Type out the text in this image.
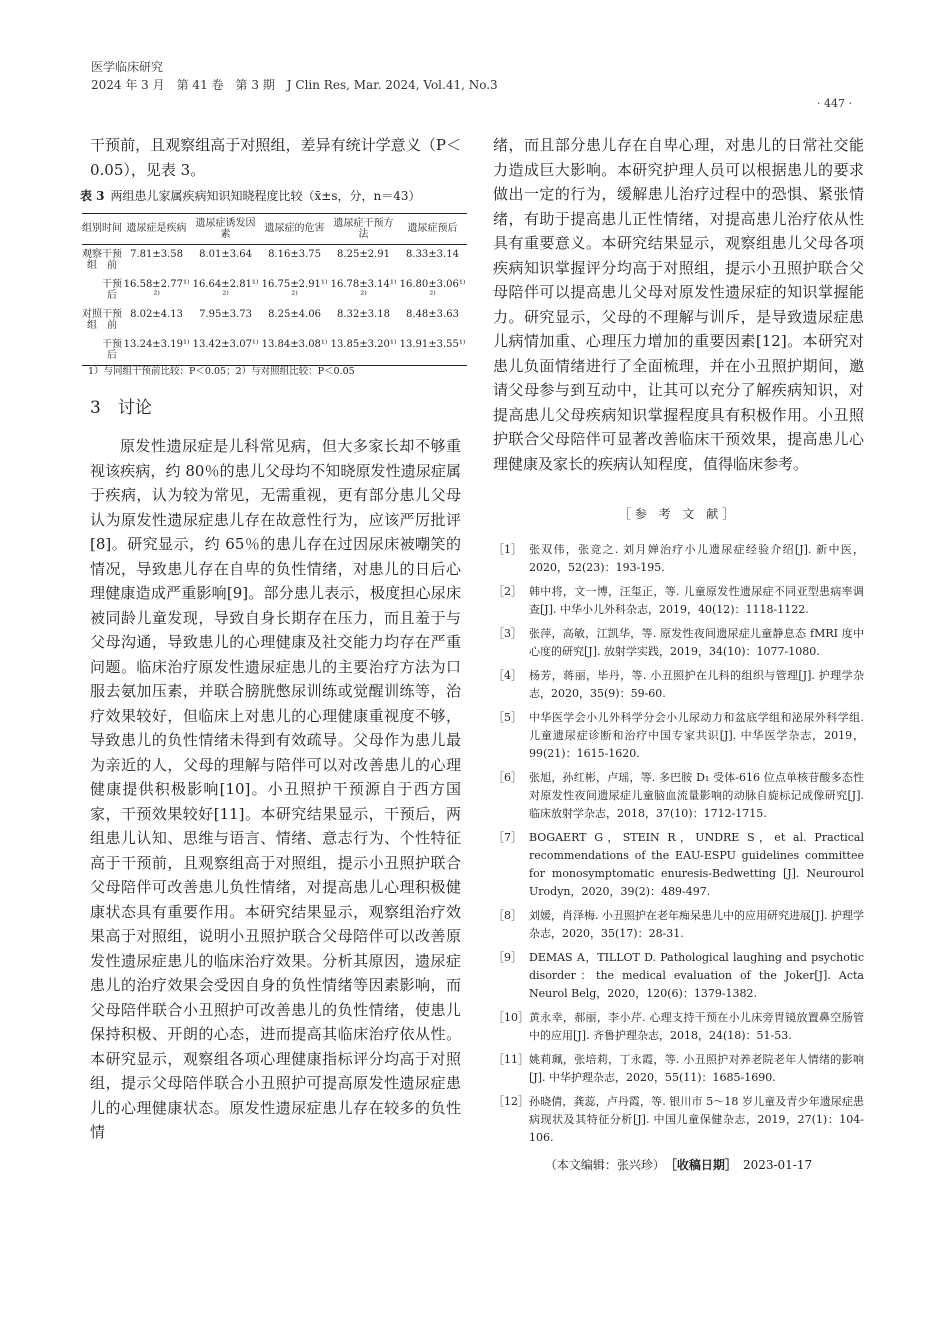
医学临床研究
2024 年 3 月　第 41 卷　第 3 期　J Clin Res, Mar. 2024, Vol.41, No.3
· 447 ·

干预前，且观察组高于对照组，差异有统计学意义（P＜0.05），见表 3。

表 3 两组患儿家属疾病知识知晓程度比较（x̄±s，分，n＝43）
组别	时间	遗尿症是疾病	遗尿症诱发因素	遗尿症的危害	遗尿症干预方法	遗尿症预后
观察组	干预前	7.81±3.58	8.01±3.64	8.16±3.75	8.25±2.91	8.33±3.14
	干预后	16.58±2.77¹⁾²⁾	16.64±2.81¹⁾²⁾	16.75±2.91¹⁾²⁾	16.78±3.14¹⁾²⁾	16.80±3.06¹⁾²⁾
对照组	干预前	8.02±4.13	7.95±3.73	8.25±4.06	8.32±3.18	8.48±3.63
	干预后	13.24±3.19¹⁾	13.42±3.07¹⁾	13.84±3.08¹⁾	13.85±3.20¹⁾	13.91±3.55¹⁾
1）与同组干预前比较：P＜0.05；2）与对照组比较：P＜0.05
3　讨论

原发性遗尿症是儿科常见病，但大多家长却不够重视该疾病，约 80％的患儿父母均不知晓原发性遗尿症属于疾病，认为较为常见，无需重视，更有部分患儿父母认为原发性遗尿症患儿存在故意性行为，应该严厉批评[8]。研究显示，约 65％的患儿存在过因尿床被嘲笑的情况，导致患儿存在自卑的负性情绪，对患儿的日后心理健康造成严重影响[9]。部分患儿表示，极度担心尿床被同龄儿童发现，导致自身长期存在压力，而且羞于与父母沟通，导致患儿的心理健康及社交能力均存在严重问题。临床治疗原发性遗尿症患儿的主要治疗方法为口服去氨加压素，并联合膀胱憋尿训练或觉醒训练等，治疗效果较好，但临床上对患儿的心理健康重视度不够，导致患儿的负性情绪未得到有效疏导。父母作为患儿最为亲近的人，父母的理解与陪伴可以对改善患儿的心理健康提供积极影响[10]。小丑照护干预源自于西方国家，干预效果较好[11]。本研究结果显示，干预后，两组患儿认知、思维与语言、情绪、意志行为、个性特征高于干预前，且观察组高于对照组，提示小丑照护联合父母陪伴可改善患儿负性情绪，对提高患儿心理积极健康状态具有重要作用。本研究结果显示，观察组治疗效果高于对照组，说明小丑照护联合父母陪伴可以改善原发性遗尿症患儿的临床治疗效果。分析其原因，遗尿症患儿的治疗效果会受因自身的负性情绪等因素影响，而父母陪伴联合小丑照护可改善患儿的负性情绪，使患儿保持积极、开朗的心态，进而提高其临床治疗依从性。本研究显示，观察组各项心理健康指标评分均高于对照组，提示父母陪伴联合小丑照护可提高原发性遗尿症患儿的心理健康状态。原发性遗尿症患儿存在较多的负性情

绪，而且部分患儿存在自卑心理，对患儿的日常社交能力造成巨大影响。本研究护理人员可以根据患儿的要求做出一定的行为，缓解患儿治疗过程中的恐惧、紧张情绪，有助于提高患儿正性情绪，对提高患儿治疗依从性具有重要意义。本研究结果显示，观察组患儿父母各项疾病知识掌握评分均高于对照组，提示小丑照护联合父母陪伴可以提高患儿父母对原发性遗尿症的知识掌握能力。研究显示，父母的不理解与训斥，是导致遗尿症患儿病情加重、心理压力增加的重要因素[12]。本研究对患儿负面情绪进行了全面梳理，并在小丑照护期间，邀请父母参与到互动中，让其可以充分了解疾病知识，对提高患儿父母疾病知识掌握程度具有积极作用。小丑照护联合父母陪伴可显著改善临床干预效果，提高患儿心理健康及家长的疾病认知程度，值得临床参考。

［参 考 文 献］
［1］ 张双伟，张竞之. 刘月婵治疗小儿遗尿症经验介绍[J]. 新中医，2020，52(23)：193-195.
［2］ 韩中将，文一博，汪玺正，等. 儿童原发性遗尿症不同亚型患病率调查[J]. 中华小儿外科杂志，2019，40(12)：1118-1122.
［3］ 张萍，高敏，江凯华，等. 原发性夜间遗尿症儿童静息态 fMRI 度中心度的研究[J]. 放射学实践，2019，34(10)：1077-1080.
［4］ 杨芳，蒋丽，毕丹，等. 小丑照护在儿科的组织与管理[J]. 护理学杂志，2020，35(9)：59-60.
［5］ 中华医学会小儿外科学分会小儿尿动力和盆底学组和泌尿外科学组. 儿童遗尿症诊断和治疗中国专家共识[J]. 中华医学杂志，2019，99(21)：1615-1620.
［6］ 张旭，孙红彬，卢瑶，等. 多巴胺 D₁ 受体-616 位点单核苷酸多态性对原发性夜间遗尿症儿童脑血流量影响的动脉自旋标记成像研究[J]. 临床放射学杂志，2018，37(10)：1712-1715.
［7］ BOGAERT G，STEIN R，UNDRE S，et al. Practical recommendations of the EAU-ESPU guidelines committee for monosymptomatic enuresis-Bedwetting [J]. Neurourol Urodyn，2020，39(2)：489-497.
［8］ 刘媛，肖泽梅. 小丑照护在老年痴呆患儿中的应用研究进展[J]. 护理学杂志，2020，35(17)：28-31.
［9］ DEMAS A，TILLOT D. Pathological laughing and psychotic disorder：the medical evaluation of the Joker[J]. Acta Neurol Belg，2020，120(6)：1379-1382.
［10］ 黄永幸，郝丽，李小芹. 心理支持干预在小儿床旁胃镜放置鼻空肠管中的应用[J]. 齐鲁护理杂志，2018，24(18)：51-53.
［11］ 姚莉珮，张培莉，丁永霞，等. 小丑照护对养老院老年人情绪的影响[J]. 中华护理杂志，2020，55(11)：1685-1690.
［12］ 孙晓倩，龚蕊，卢丹霞，等. 银川市 5～18 岁儿童及青少年遗尿症患病现状及其特征分析[J]. 中国儿童保健杂志，2019，27(1)：104-106.
（本文编辑：张兴珍）　 ［收稿日期］　 2023-01-17
